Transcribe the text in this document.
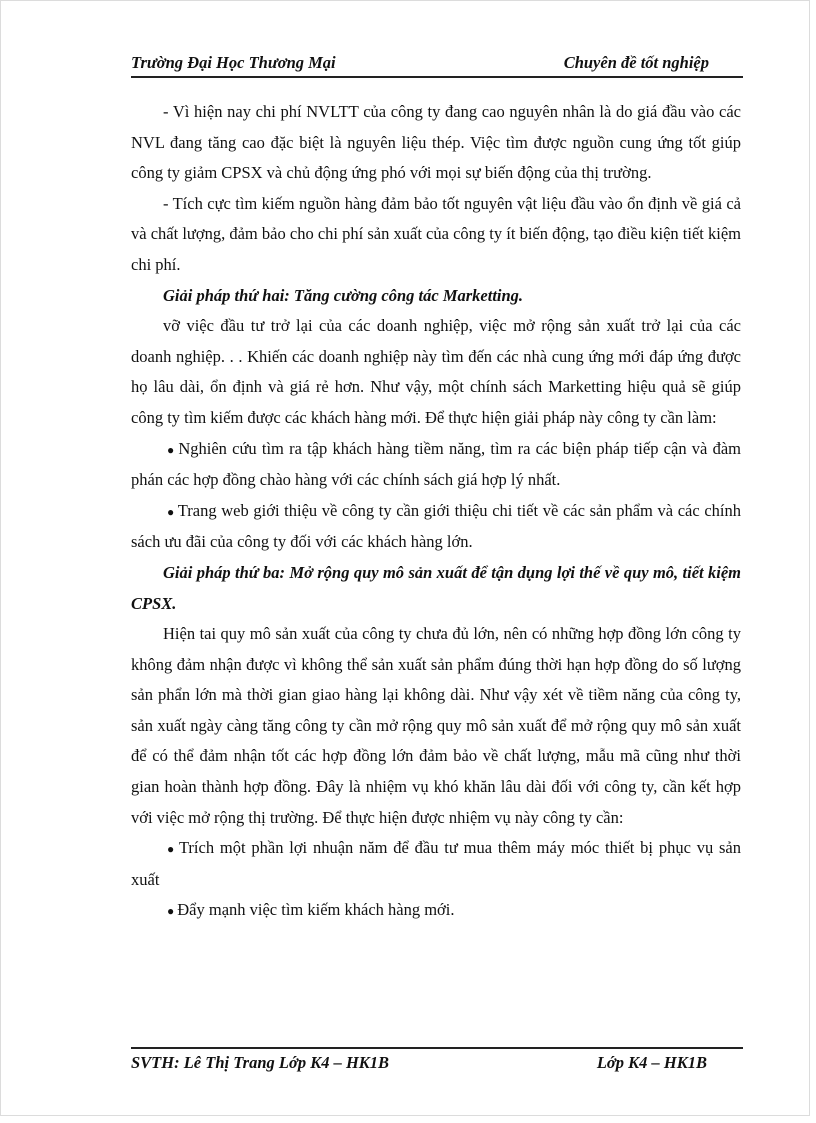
Trường Đại Học Thương Mại	Chuyên đề tốt nghiệp

- Vì hiện nay chi phí NVLTT của công ty đang cao nguyên nhân là do giá đầu vào các NVL đang tăng cao đặc biệt là nguyên liệu thép. Việc tìm được nguồn cung ứng tốt giúp công ty giảm CPSX và chủ động ứng phó với mọi sự biến động của thị trường.

- Tích cực tìm kiếm nguồn hàng đảm bảo tốt nguyên vật liệu đầu vào ổn định về giá cả và chất lượng, đảm bảo cho chi phí sản xuất của công ty ít biến động, tạo điều kiện tiết kiệm chi phí.

Giải pháp thứ hai: Tăng cường công tác Marketting.

vỡ việc đầu tư trở lại của các doanh nghiệp, việc mở rộng sản xuất trở lại của các doanh nghiệp. . . Khiến các doanh nghiệp này tìm đến các nhà cung ứng mới đáp ứng được họ lâu dài, ổn định và giá rẻ hơn. Như vậy, một chính sách Marketting hiệu quả sẽ giúp công ty tìm kiếm được các khách hàng mới. Để thực hiện giải pháp này công ty cần làm:

● Nghiên cứu tìm ra tập khách hàng tiềm năng, tìm ra các biện pháp tiếp cận và đàm phán các hợp đồng chào hàng với các chính sách giá hợp lý nhất.

● Trang web giới thiệu về công ty cần giới thiệu chi tiết về các sản phẩm và các chính sách ưu đãi của công ty đối với các khách hàng lớn.

Giải pháp thứ ba: Mở rộng quy mô sản xuất để tận dụng lợi thế về quy mô, tiết kiệm CPSX.

Hiện tai quy mô sản xuất của công ty chưa đủ lớn, nên có những hợp đồng lớn công ty không đảm nhận được vì không thể sản xuất sản phẩm đúng thời hạn hợp đồng do số lượng sản phẩn lớn mà thời gian giao hàng lại không dài. Như vậy xét về tiềm năng của công ty, sản xuất ngày càng tăng công ty cần mở rộng quy mô sản xuất để mở rộng quy mô sản xuất để có thể đảm nhận tốt các hợp đồng lớn đảm bảo về chất lượng, mẫu mã cũng như thời gian hoàn thành hợp đồng. Đây là nhiệm vụ khó khăn lâu dài đối với công ty, cần kết hợp với việc mở rộng thị trường. Để thực hiện được nhiệm vụ này công ty cần:

● Trích một phần lợi nhuận năm để đầu tư mua thêm máy móc thiết bị phục vụ sản xuất

● Đẩy mạnh việc tìm kiếm khách hàng mới.

SVTH: Lê Thị Trang Lớp K4 – HK1B	Lớp K4 – HK1B
